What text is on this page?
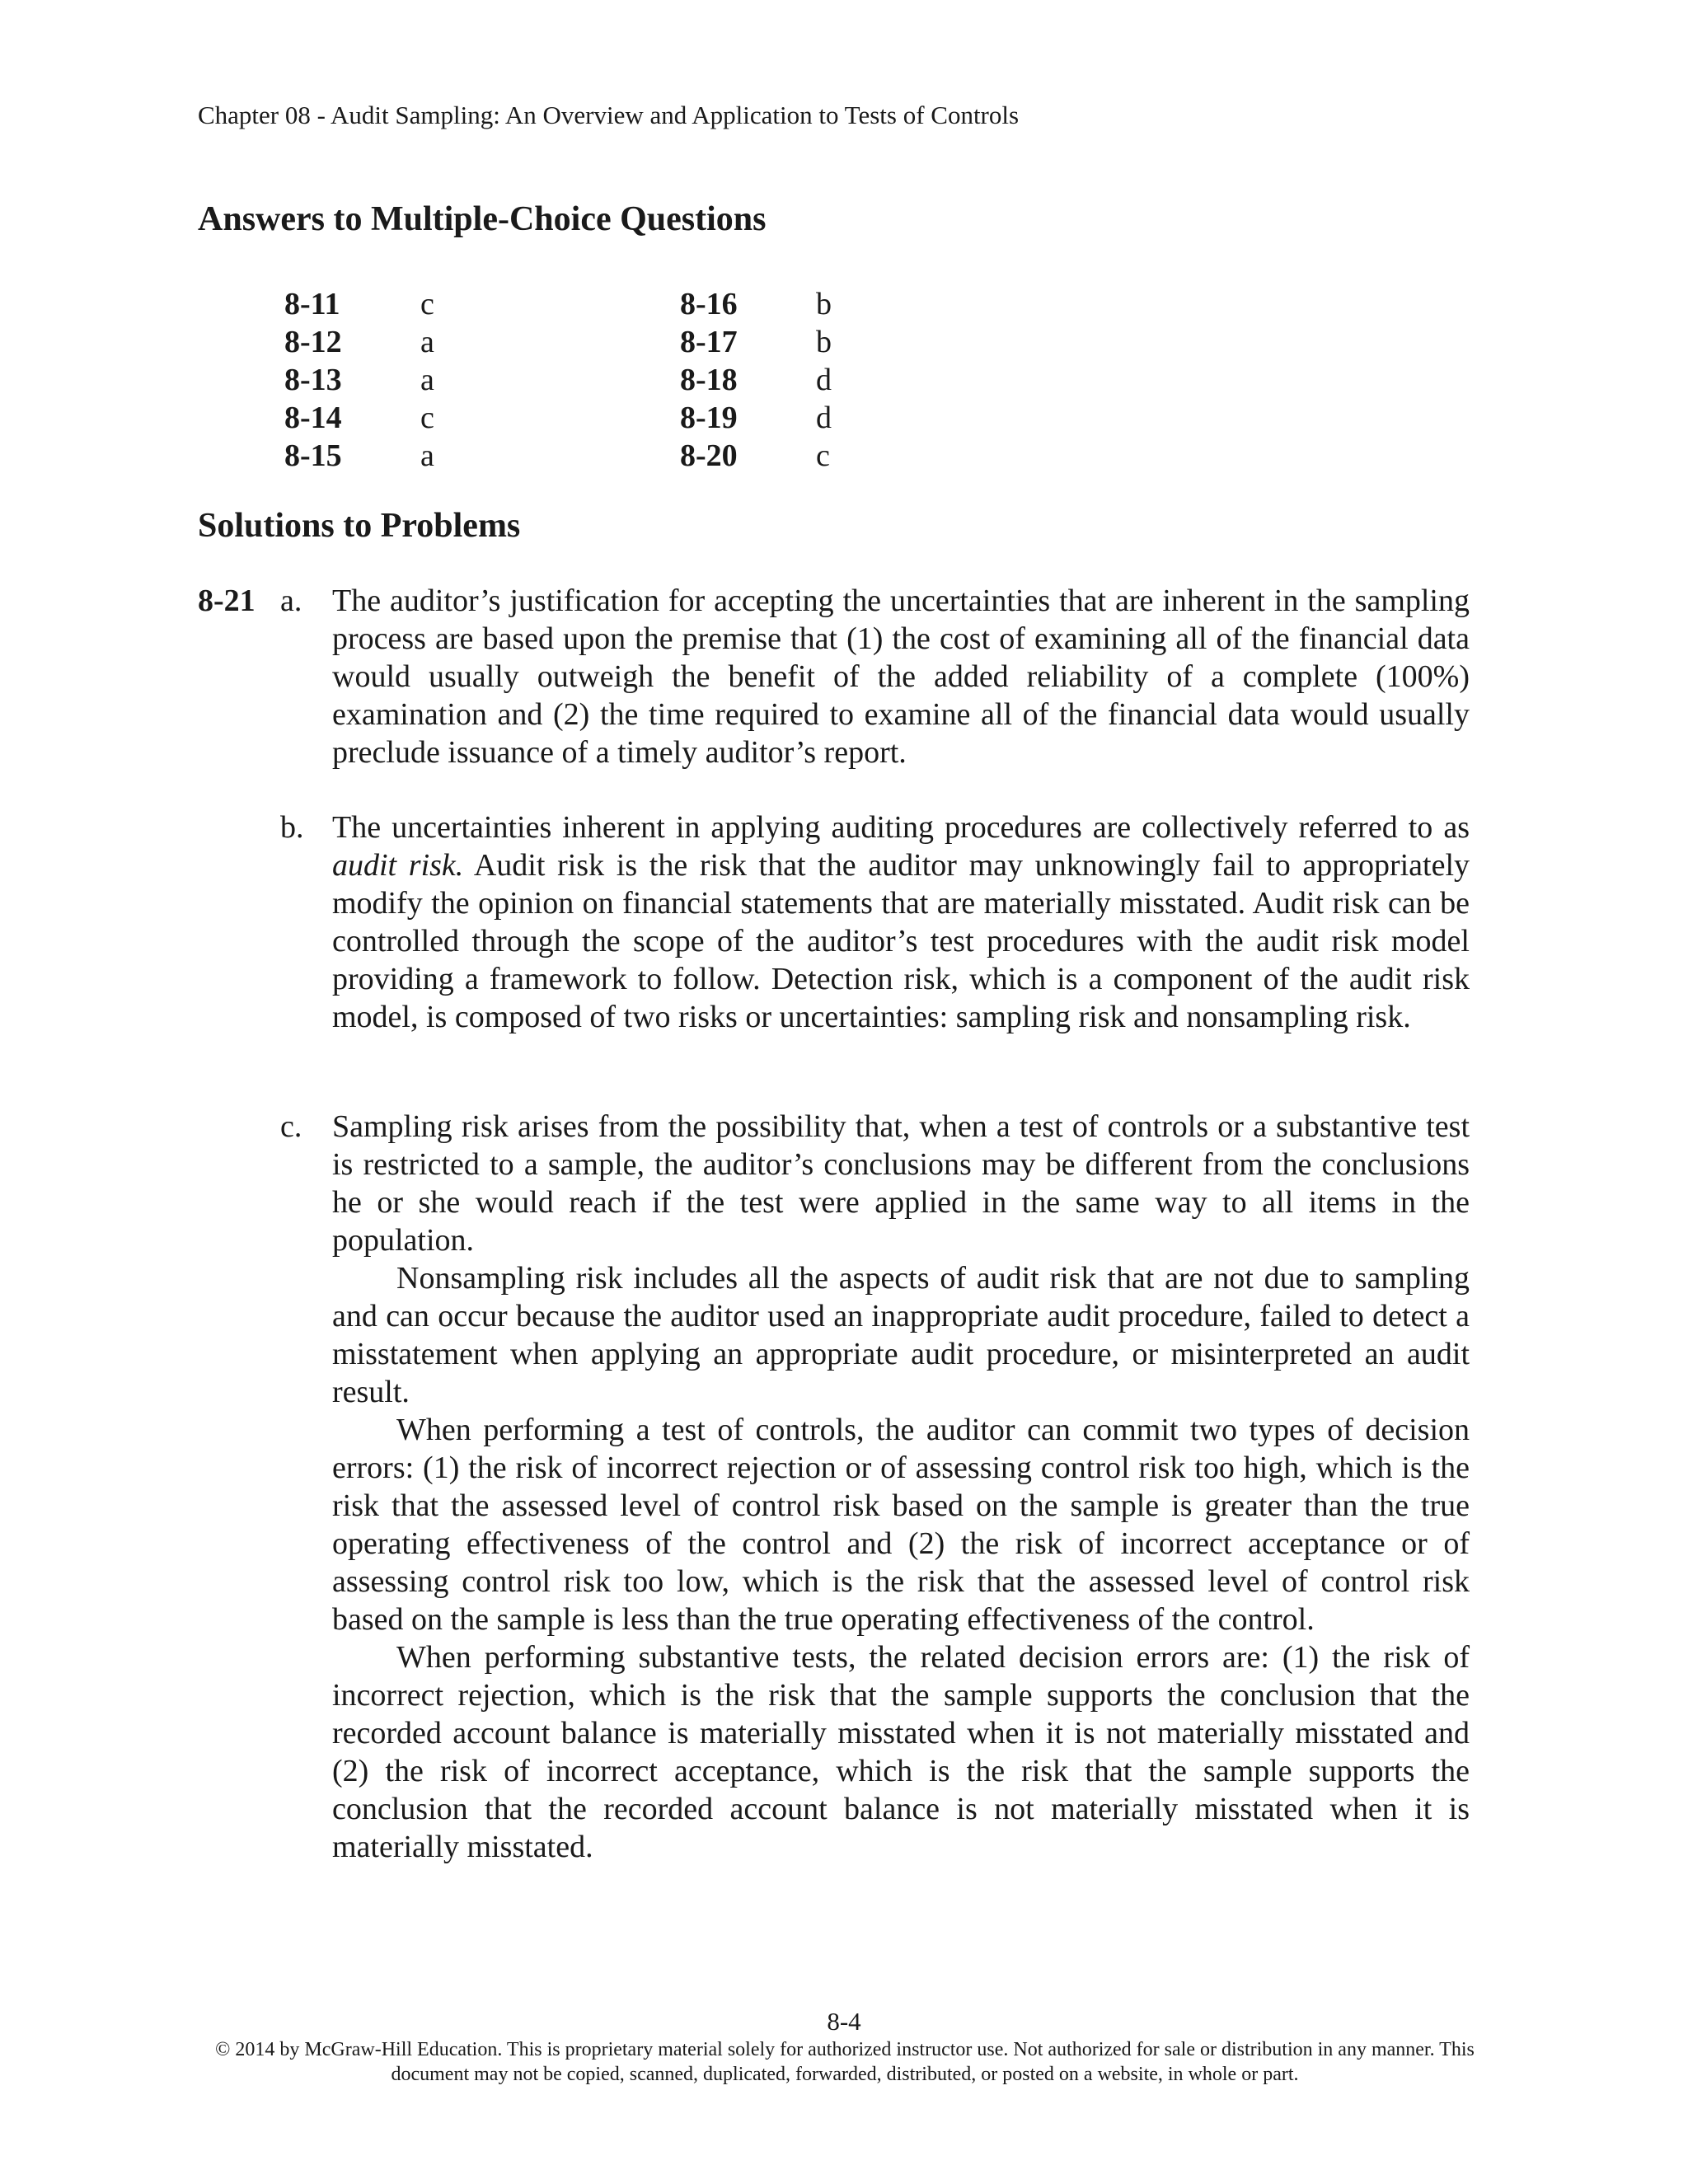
Chapter 08 - Audit Sampling: An Overview and Application to Tests of Controls
Answers to Multiple-Choice Questions
8-11	c	8-16	b
8-12	a	8-17	b
8-13	a	8-18	d
8-14	c	8-19	d
8-15	a	8-20	c
Solutions to Problems
8-21 a. The auditor’s justification for accepting the uncertainties that are inherent in the sampling process are based upon the premise that (1) the cost of examining all of the financial data would usually outweigh the benefit of the added reliability of a complete (100%) examination and (2) the time required to examine all of the financial data would usually preclude issuance of a timely auditor’s report.

b. The uncertainties inherent in applying auditing procedures are collectively referred to as audit risk. Audit risk is the risk that the auditor may unknowingly fail to appropriately modify the opinion on financial statements that are materially misstated. Audit risk can be controlled through the scope of the auditor’s test procedures with the audit risk model providing a framework to follow. Detection risk, which is a component of the audit risk model, is composed of two risks or uncertainties: sampling risk and nonsampling risk.

c. Sampling risk arises from the possibility that, when a test of controls or a substantive test is restricted to a sample, the auditor’s conclusions may be different from the conclusions he or she would reach if the test were applied in the same way to all items in the population.

Nonsampling risk includes all the aspects of audit risk that are not due to sampling and can occur because the auditor used an inappropriate audit procedure, failed to detect a misstatement when applying an appropriate audit procedure, or misinterpreted an audit result.

When performing a test of controls, the auditor can commit two types of decision errors: (1) the risk of incorrect rejection or of assessing control risk too high, which is the risk that the assessed level of control risk based on the sample is greater than the true operating effectiveness of the control and (2) the risk of incorrect acceptance or of assessing control risk too low, which is the risk that the assessed level of control risk based on the sample is less than the true operating effectiveness of the control.

When performing substantive tests, the related decision errors are: (1) the risk of incorrect rejection, which is the risk that the sample supports the conclusion that the recorded account balance is materially misstated when it is not materially misstated and (2) the risk of incorrect acceptance, which is the risk that the sample supports the conclusion that the recorded account balance is not materially misstated when it is materially misstated.

8-4
© 2014 by McGraw-Hill Education. This is proprietary material solely for authorized instructor use. Not authorized for sale or distribution in any manner. This document may not be copied, scanned, duplicated, forwarded, distributed, or posted on a website, in whole or part.
